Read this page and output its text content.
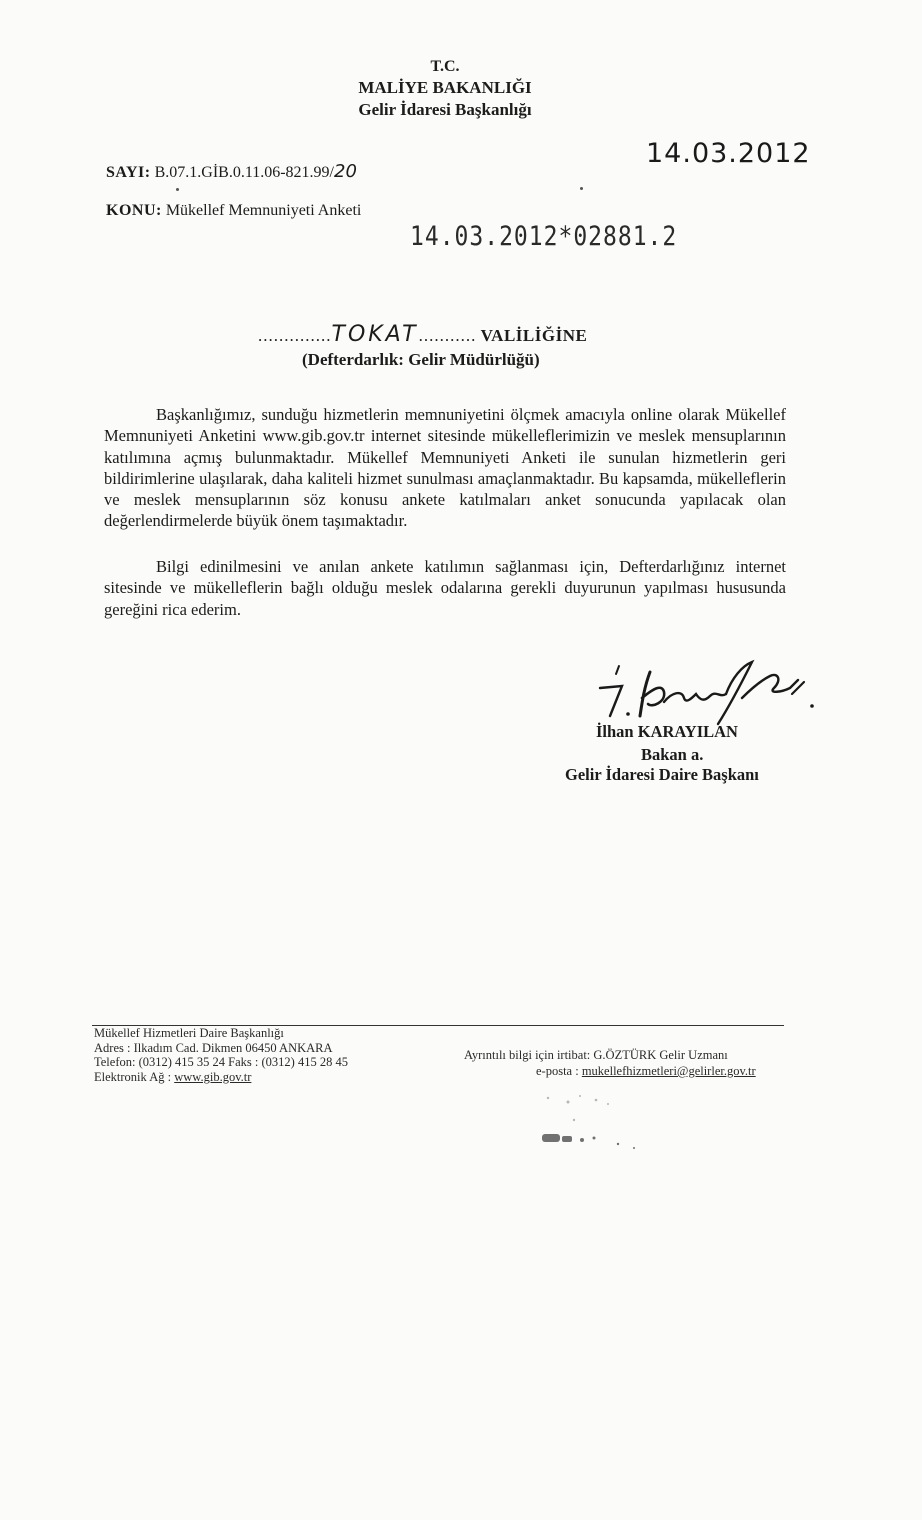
T.C.
MALİYE BAKANLIĞI
Gelir İdaresi Başkanlığı
SAYI: B.07.1.GİB.0.11.06-821.99/20
14.03.2012
KONU: Mükellef Memnuniyeti Anketi
14.03.2012*02881.2
..............TOKAT........... VALİLİĞİNE
(Defterdarlık: Gelir Müdürlüğü)

Başkanlığımız, sunduğu hizmetlerin memnuniyetini ölçmek amacıyla online olarak Mükellef Memnuniyeti Anketini www.gib.gov.tr internet sitesinde mükelleflerimizin ve meslek mensuplarının katılımına açmış bulunmaktadır. Mükellef Memnuniyeti Anketi ile sunulan hizmetlerin geri bildirimlerine ulaşılarak, daha kaliteli hizmet sunulması amaçlanmaktadır. Bu kapsamda, mükelleflerin ve meslek mensuplarının söz konusu ankete katılmaları anket sonucunda yapılacak olan değerlendirmelerde büyük önem taşımaktadır.

Bilgi edinilmesini ve anılan ankete katılımın sağlanması için, Defterdarlığınız internet sitesinde ve mükelleflerin bağlı olduğu meslek odalarına gerekli duyurunun yapılması hususunda gereğini rica ederim.

İlhan KARAYILAN
Bakan a.
Gelir İdaresi Daire Başkanı
Mükellef Hizmetleri Daire Başkanlığı
Adres : Ilkadım Cad. Dikmen 06450 ANKARA
Telefon: (0312) 415 35 24 Faks : (0312) 415 28 45
Elektronik Ağ : www.gib.gov.tr
Ayrıntılı bilgi için irtibat: G.ÖZTÜRK Gelir Uzmanı
e-posta : mukellefhizmetleri@gelirler.gov.tr
